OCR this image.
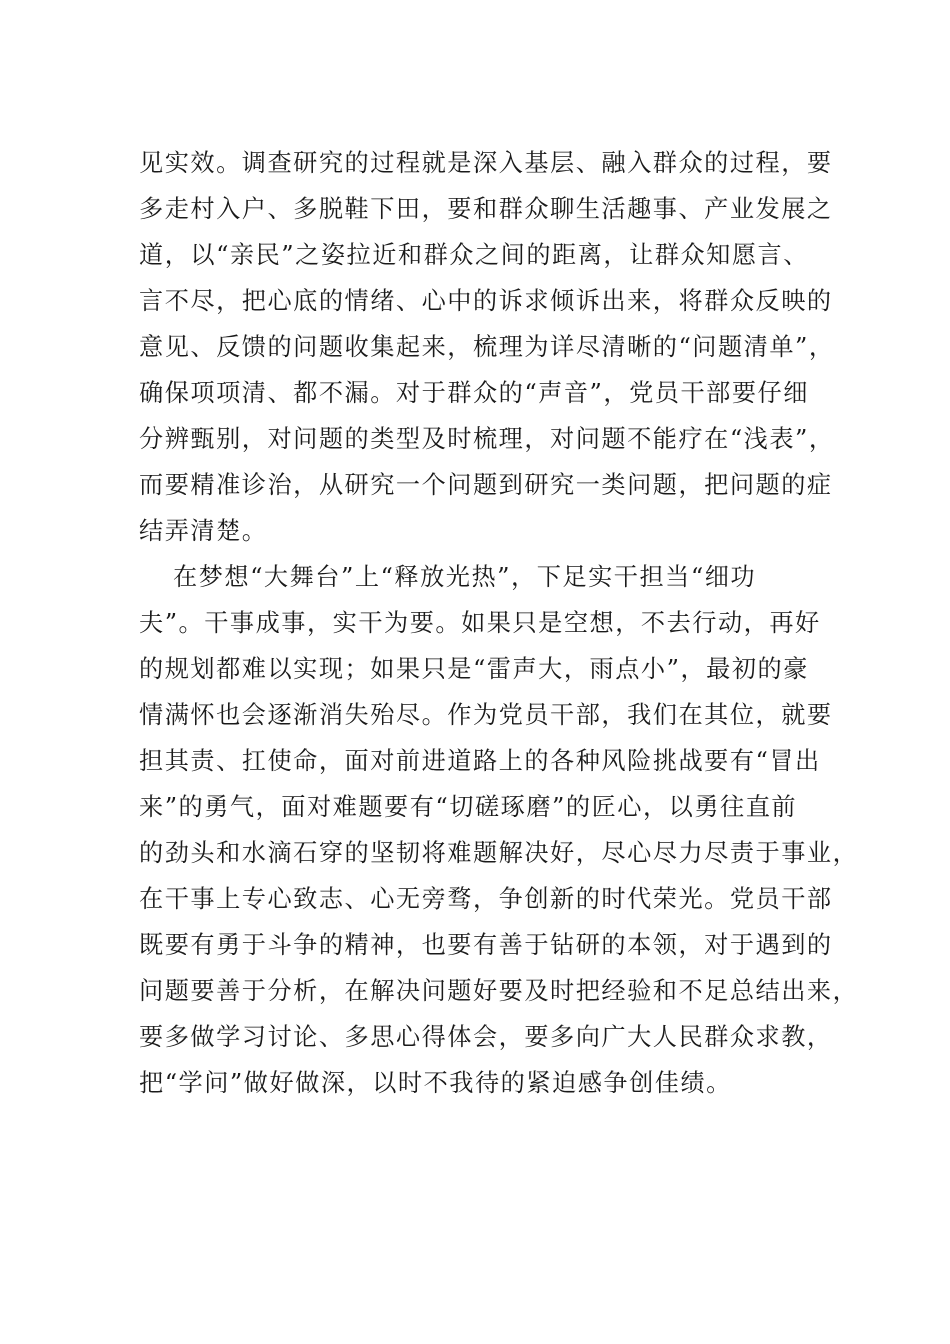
见实效。调查研究的过程就是深入基层、融入群众的过程，要
多走村入户、多脱鞋下田，要和群众聊生活趣事、产业发展之
道，以“亲民”之姿拉近和群众之间的距离，让群众知愿言、
言不尽，把心底的情绪、心中的诉求倾诉出来，将群众反映的
意见、反馈的问题收集起来，梳理为详尽清晰的“问题清单”，
确保项项清、都不漏。对于群众的“声音”，党员干部要仔细
分辨甄别，对问题的类型及时梳理，对问题不能疗在“浅表”，
而要精准诊治，从研究一个问题到研究一类问题，把问题的症
结弄清楚。
在梦想“大舞台”上“释放光热”，下足实干担当“细功
夫”。干事成事，实干为要。如果只是空想，不去行动，再好
的规划都难以实现；如果只是“雷声大，雨点小”，最初的豪
情满怀也会逐渐消失殆尽。作为党员干部，我们在其位，就要
担其责、扛使命，面对前进道路上的各种风险挑战要有“冒出
来”的勇气，面对难题要有“切磋琢磨”的匠心，以勇往直前
的劲头和水滴石穿的坚韧将难题解决好，尽心尽力尽责于事业，
在干事上专心致志、心无旁骛，争创新的时代荣光。党员干部
既要有勇于斗争的精神，也要有善于钻研的本领，对于遇到的
问题要善于分析，在解决问题好要及时把经验和不足总结出来，
要多做学习讨论、多思心得体会，要多向广大人民群众求教，
把“学问”做好做深，以时不我待的紧迫感争创佳绩。
